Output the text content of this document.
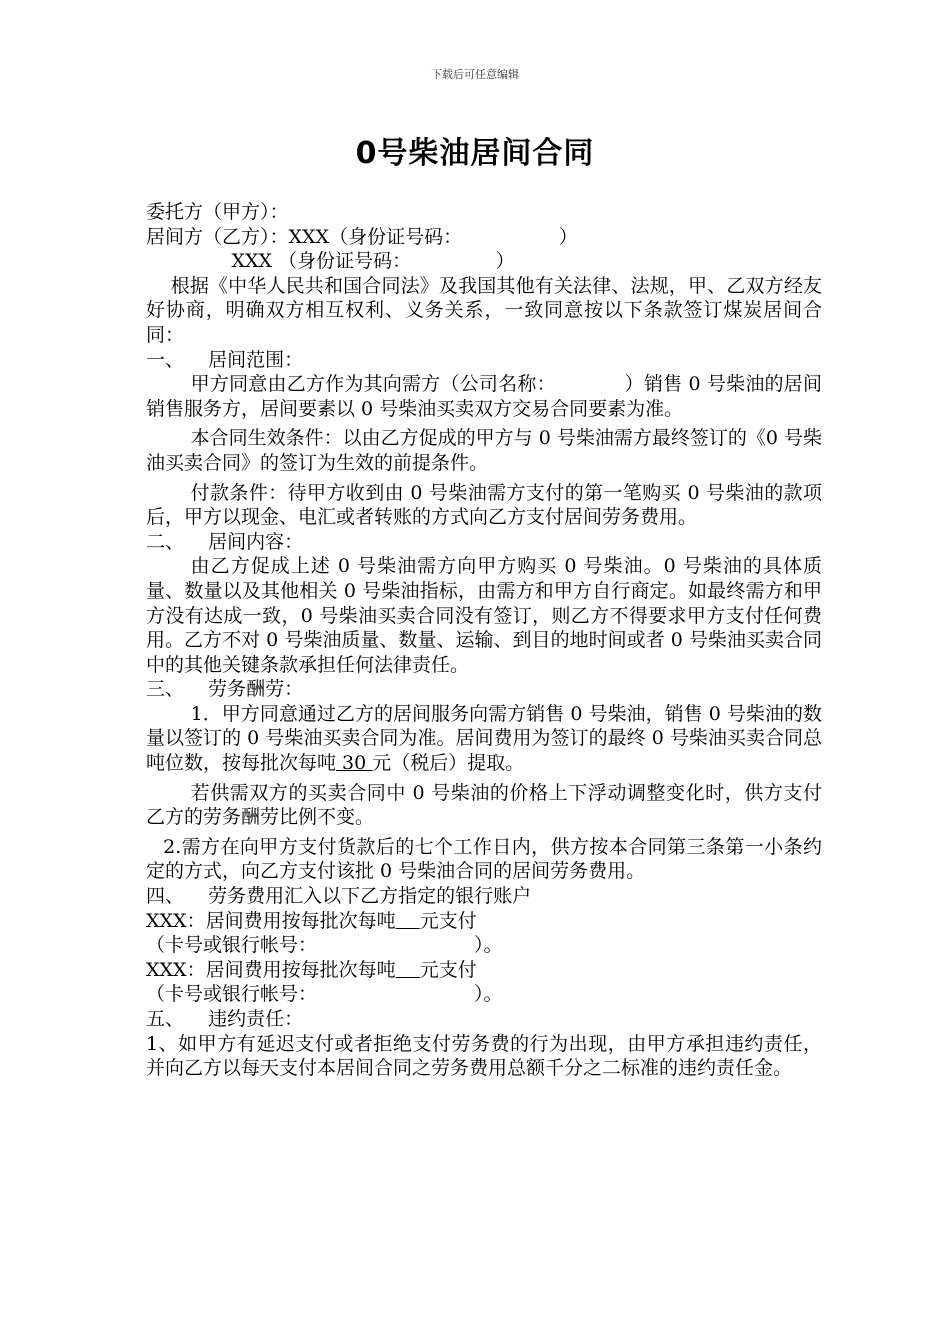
下载后可任意编辑
0号柴油居间合同

委托方（甲方）：

居间方（乙方）：XXX（身份证号码：                ）

XXX （身份证号码：              ）

根据《中华人民共和国合同法》及我国其他有关法律、法规，甲、乙双方经友好协商，明确双方相互权利、义务关系，一致同意按以下条款签订煤炭居间合同：

一、    居间范围：

甲方同意由乙方作为其向需方（公司名称：           ）销售 0 号柴油的居间销售服务方，居间要素以 0 号柴油买卖双方交易合同要素为准。

本合同生效条件：以由乙方促成的甲方与 0 号柴油需方最终签订的《0 号柴油买卖合同》的签订为生效的前提条件。

付款条件：待甲方收到由 0 号柴油需方支付的第一笔购买 0 号柴油的款项后，甲方以现金、电汇或者转账的方式向乙方支付居间劳务费用。

二、    居间内容：

由乙方促成上述 0 号柴油需方向甲方购买 0 号柴油。0 号柴油的具体质量、数量以及其他相关 0 号柴油指标，由需方和甲方自行商定。如最终需方和甲方没有达成一致，0 号柴油买卖合同没有签订，则乙方不得要求甲方支付任何费用。乙方不对 0 号柴油质量、数量、运输、到目的地时间或者 0 号柴油买卖合同中的其他关键条款承担任何法律责任。

三、    劳务酬劳：

1．甲方同意通过乙方的居间服务向需方销售 0 号柴油，销售 0 号柴油的数量以签订的 0 号柴油买卖合同为准。居间费用为签订的最终 0 号柴油买卖合同总吨位数，按每批次每吨 30 元（税后）提取。

若供需双方的买卖合同中 0 号柴油的价格上下浮动调整变化时，供方支付乙方的劳务酬劳比例不变。

2.需方在向甲方支付货款后的七个工作日内，供方按本合同第三条第一小条约定的方式，向乙方支付该批 0 号柴油合同的居间劳务费用。

四、    劳务费用汇入以下乙方指定的银行账户

XXX：居间费用按每批次每吨 元支付

（卡号或银行帐号：                          ）。

XXX：居间费用按每批次每吨 元支付

（卡号或银行帐号：                          ）。

五、    违约责任：

1、如甲方有延迟支付或者拒绝支付劳务费的行为出现，由甲方承担违约责任，并向乙方以每天支付本居间合同之劳务费用总额千分之二标准的违约责任金。
